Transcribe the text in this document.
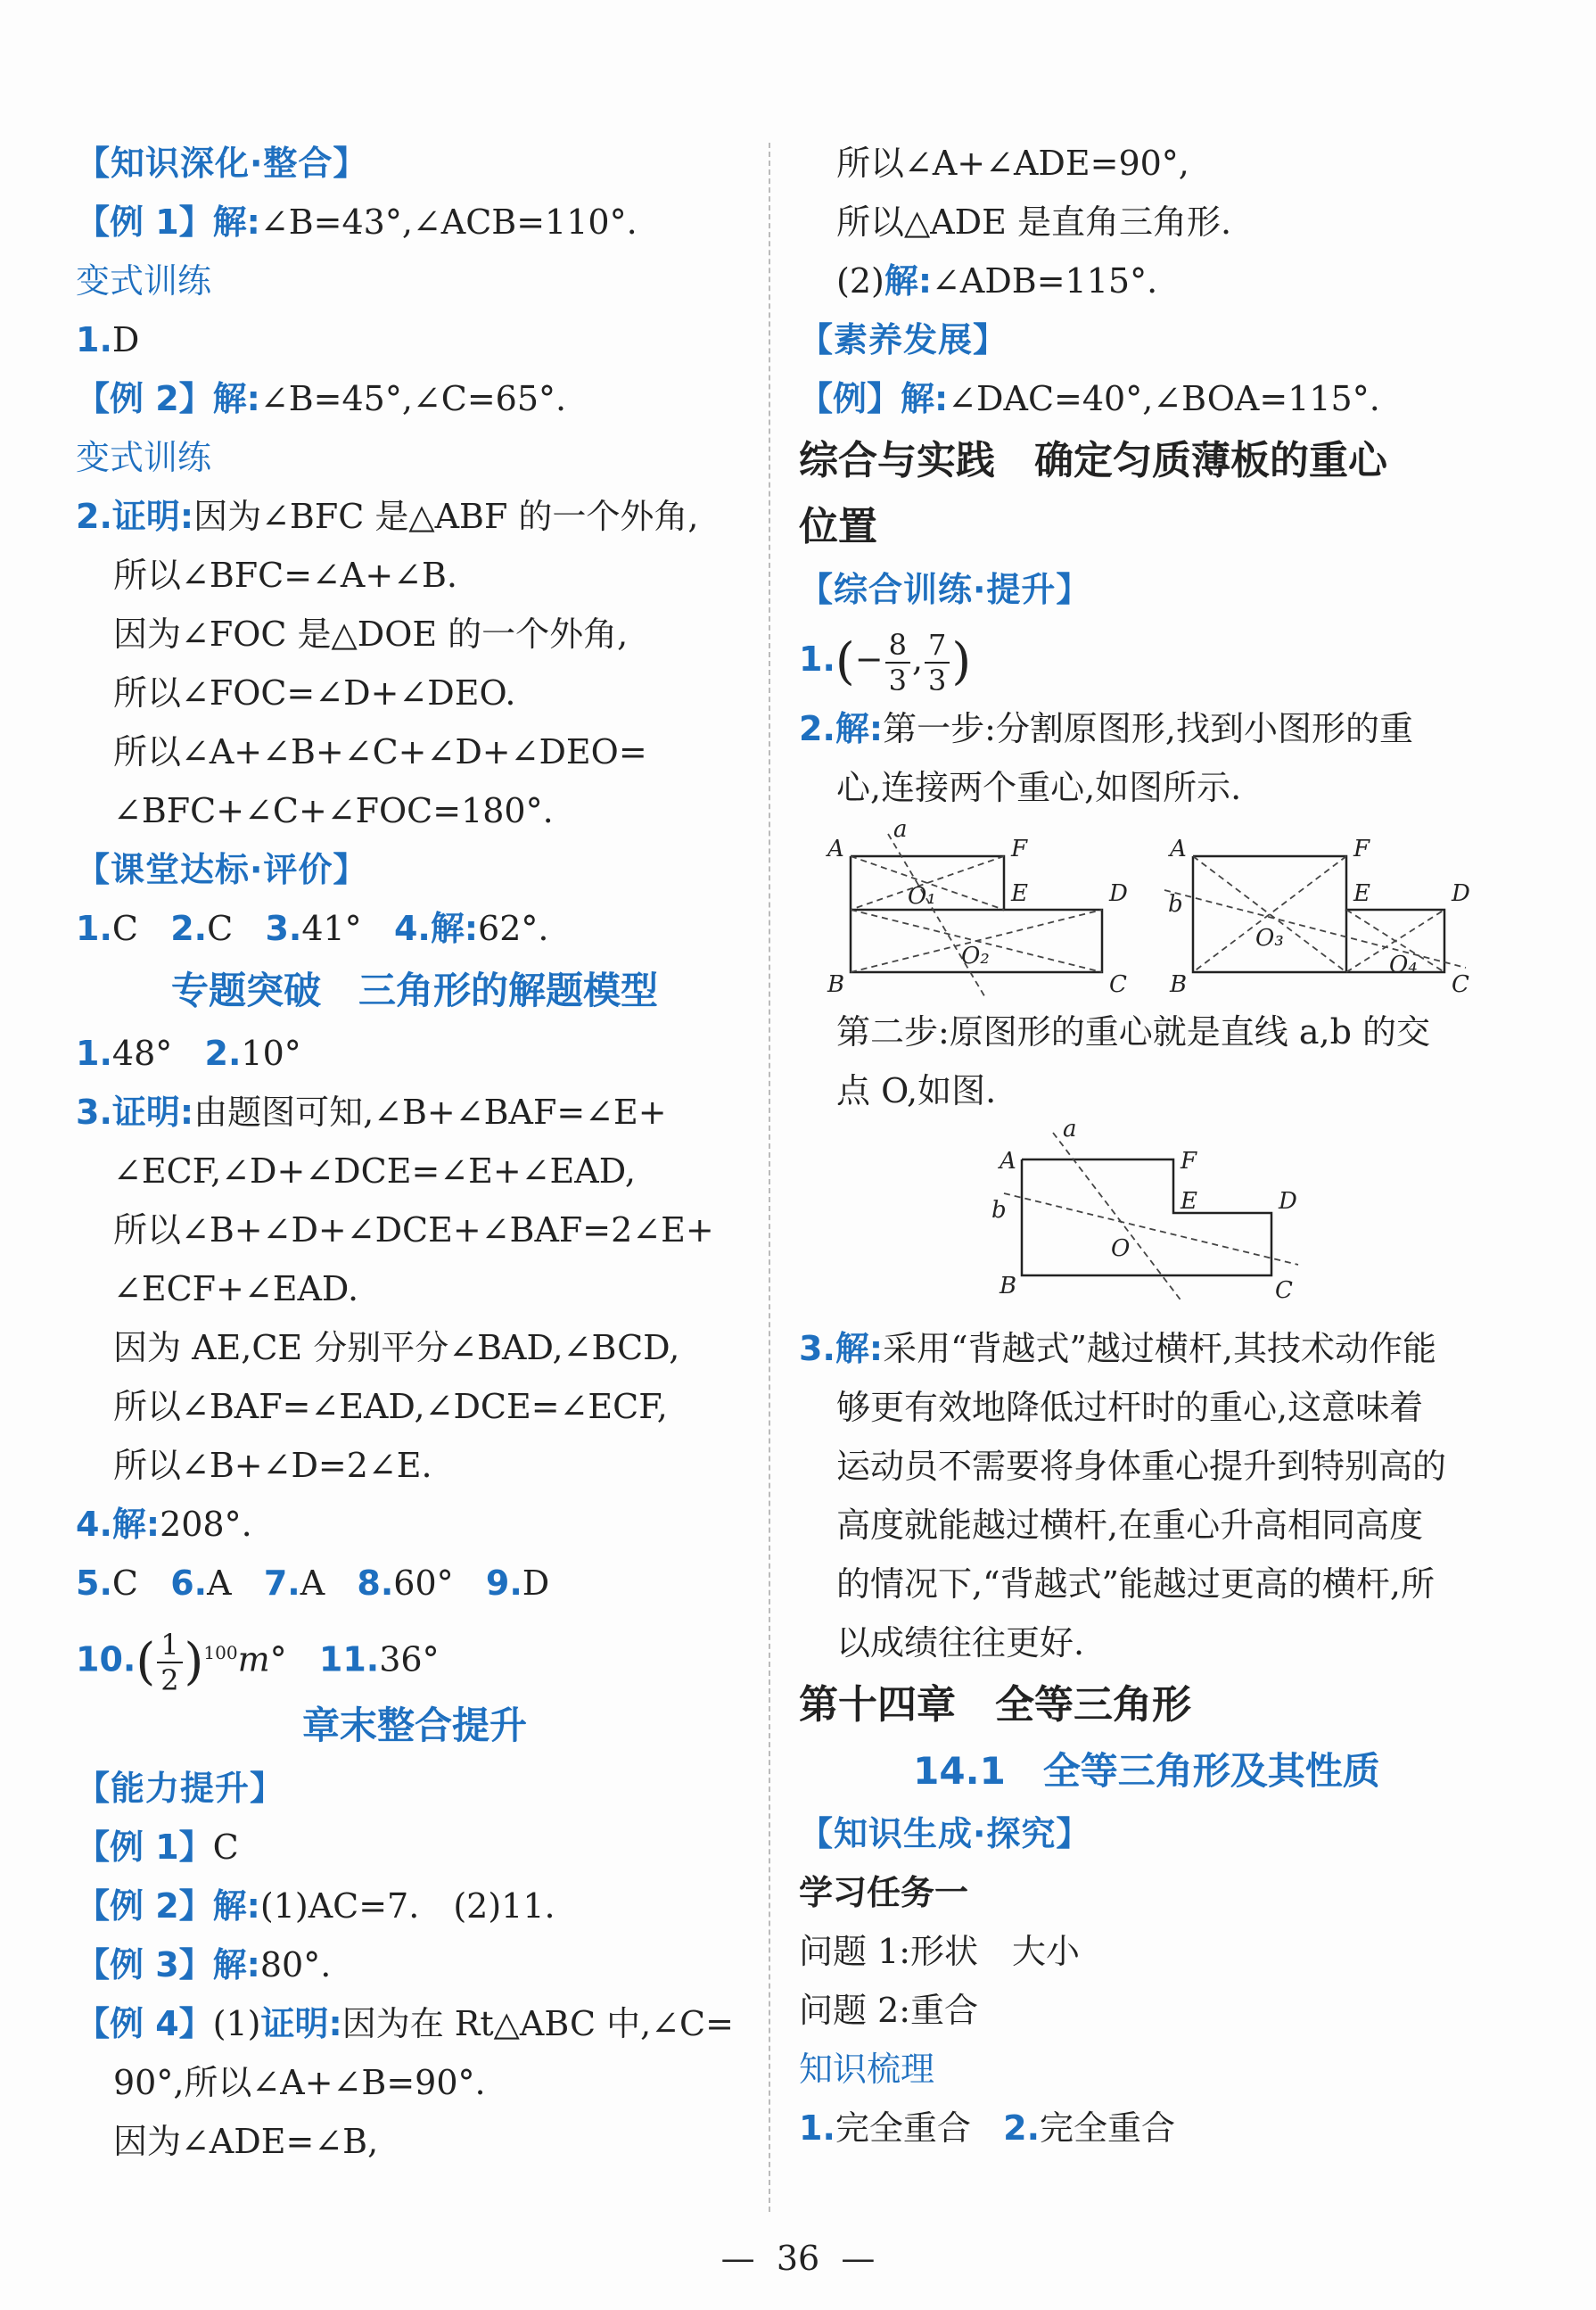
【知识深化·整合】
【例 1】解:∠B=43°,∠ACB=110°.
变式训练
1.D
【例 2】解:∠B=45°,∠C=65°.
变式训练
2.证明:因为∠BFC 是△ABF 的一个外角,
所以∠BFC=∠A+∠B.
因为∠FOC 是△DOE 的一个外角,
所以∠FOC=∠D+∠DEO.
所以∠A+∠B+∠C+∠D+∠DEO=
∠BFC+∠C+∠FOC=180°.
【课堂达标·评价】
1.C 2.C 3.41° 4.解:62°.
专题突破　三角形的解题模型
1.48° 2.10°
3.证明:由题图可知,∠B+∠BAF=∠E+
∠ECF,∠D+∠DCE=∠E+∠EAD,
所以∠B+∠D+∠DCE+∠BAF=2∠E+
∠ECF+∠EAD.
因为 AE,CE 分别平分∠BAD,∠BCD,
所以∠BAF=∠EAD,∠DCE=∠ECF,
所以∠B+∠D=2∠E.
4.解:208°.
5.C 6.A 7.A 8.60° 9.D
$10.( \frac{1}{2} )^{100}m^\circ$ 11.36°
章末整合提升
【能力提升】
【例 1】C
【例 2】解:(1)AC=7.　(2)11.
【例 3】解:80°.
【例 4】(1)证明:因为在 Rt△ABC 中,∠C=
90°,所以∠A+∠B=90°.
因为∠ADE=∠B,
所以∠A+∠ADE=90°,
所以△ADE 是直角三角形.
(2)解:∠ADB=115°.
【素养发展】
【例】解:∠DAC=40°,∠BOA=115°.
综合与实践　确定匀质薄板的重心
位置
【综合训练·提升】
$1.(- \frac{8}{3}$ , $\frac{7}{3}$ )
2.解:第一步:分割原图形,找到小图形的重
心,连接两个重心,如图所示.
A	F
E	D
B	C
a
O₁
O₂
A	F
E	D
B	C
b
O₃
O₄
第二步:原图形的重心就是直线 a,b 的交
点 O,如图.
A	F
E	D
B	C
a
b
O
3.解:采用“背越式”越过横杆,其技术动作能
够更有效地降低过杆时的重心,这意味着
运动员不需要将身体重心提升到特别高的
高度就能越过横杆,在重心升高相同高度
的情况下,“背越式”能越过更高的横杆,所
以成绩往往更好.
第十四章　全等三角形
14.1　全等三角形及其性质
【知识生成·探究】
学习任务一
问题 1:形状　大小
问题 2:重合
知识梳理
1.完全重合 2.完全重合
— 36 —
